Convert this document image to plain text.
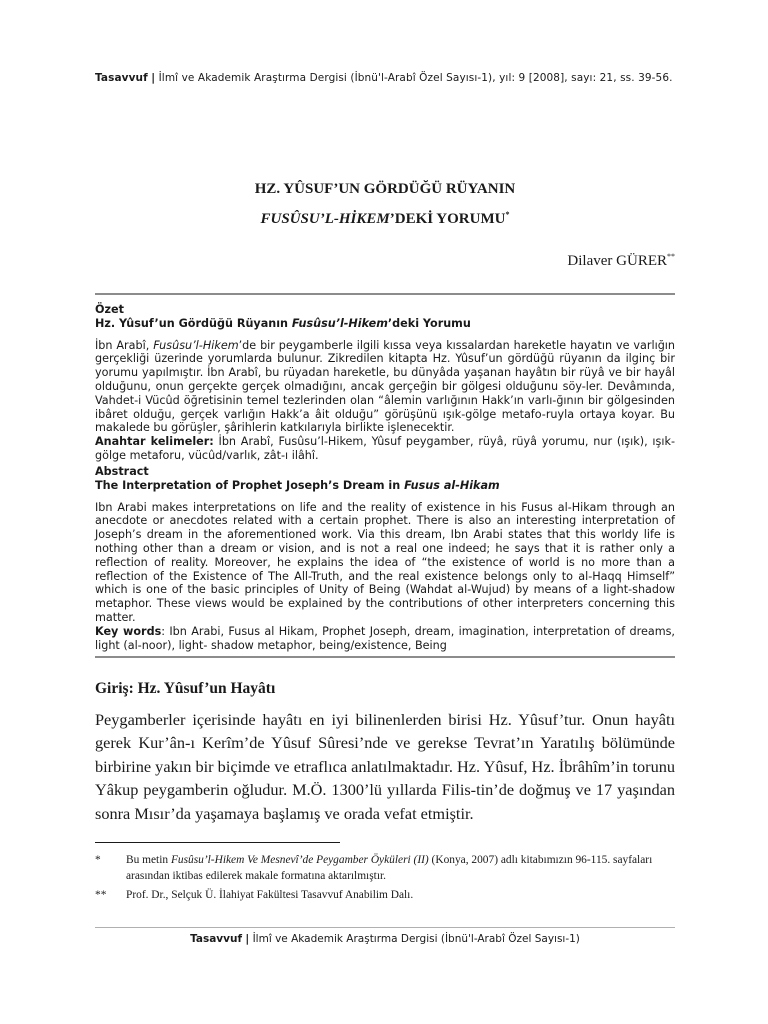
Tasavvuf | İlmî ve Akademik Araştırma Dergisi (İbnü'l-Arabî Özel Sayısı-1), yıl: 9 [2008], sayı: 21, ss. 39-56.
HZ. YÛSUF’UN GÖRDÜĞÜ RÜYANIN
FUSÛSU’L-HİKEM’DEKİ YORUMU*
Dilaver GÜRER**
Özet
Hz. Yûsuf’un Gördüğü Rüyanın Fusûsu’l-Hikem’deki Yorumu

İbn Arabî, Fusûsu’l-Hikem’de bir peygamberle ilgili kıssa veya kıssalardan hareketle hayatın ve varlığın gerçekliği üzerinde yorumlarda bulunur. Zikredilen kitapta Hz. Yûsuf’un gördüğü rüyanın da ilginç bir yorumu yapılmıştır. İbn Arabî, bu rüyadan hareketle, bu dünyâda yaşanan hayâtın bir rüyâ ve bir hayâl olduğunu, onun gerçekte gerçek olmadığını, ancak gerçeğin bir gölgesi olduğunu söy-ler. Devâmında, Vahdet-i Vücûd öğretisinin temel tezlerinden olan “âlemin varlığının Hakk’ın varlı-ğının bir gölgesinden ibâret olduğu, gerçek varlığın Hakk’a âit olduğu” görüşünü ışık-gölge metafo-ruyla ortaya koyar. Bu makalede bu görüşler, şârihlerin katkılarıyla birlikte işlenecektir.

Anahtar kelimeler: İbn Arabî, Fusûsu’l-Hikem, Yûsuf peygamber, rüyâ, rüyâ yorumu, nur (ışık), ışık-gölge metaforu, vücûd/varlık, zât-ı ilâhî.

Abstract
The Interpretation of Prophet Joseph’s Dream in Fusus al-Hikam

Ibn Arabi makes interpretations on life and the reality of existence in his Fusus al-Hikam through an anecdote or anecdotes related with a certain prophet. There is also an interesting interpretation of Joseph’s dream in the aforementioned work. Via this dream, Ibn Arabi states that this worldy life is nothing other than a dream or vision, and is not a real one indeed; he says that it is rather only a reflection of reality. Moreover, he explains the idea of “the existence of world is no more than a reflection of the Existence of The All-Truth, and the real existence belongs only to al-Haqq Himself” which is one of the basic principles of Unity of Being (Wahdat al-Wujud) by means of a light-shadow metaphor. These views would be explained by the contributions of other interpreters concerning this matter.

Key words: Ibn Arabi, Fusus al Hikam, Prophet Joseph, dream, imagination, interpretation of dreams, light (al-noor), light- shadow metaphor, being/existence, Being

Giriş: Hz. Yûsuf’un Hayâtı

Peygamberler içerisinde hayâtı en iyi bilinenlerden birisi Hz. Yûsuf’tur. Onun hayâtı gerek Kur’ân-ı Kerîm’de Yûsuf Sûresi’nde ve gerekse Tevrat’ın Yaratılış bölümünde birbirine yakın bir biçimde ve etraflıca anlatılmaktadır. Hz. Yûsuf, Hz. İbrâhîm’in torunu Yâkup peygamberin oğludur. M.Ö. 1300’lü yıllarda Filis-tin’de doğmuş ve 17 yaşından sonra Mısır’da yaşamaya başlamış ve orada vefat etmiştir.

* Bu metin Fusûsu’l-Hikem Ve Mesnevî’de Peygamber Öyküleri (II) (Konya, 2007) adlı kitabımızın 96-115. sayfaları arasından iktibas edilerek makale formatına aktarılmıştır.
** Prof. Dr., Selçuk Ü. İlahiyat Fakültesi Tasavvuf Anabilim Dalı.
Tasavvuf | İlmî ve Akademik Araştırma Dergisi (İbnü'l-Arabî Özel Sayısı-1)
